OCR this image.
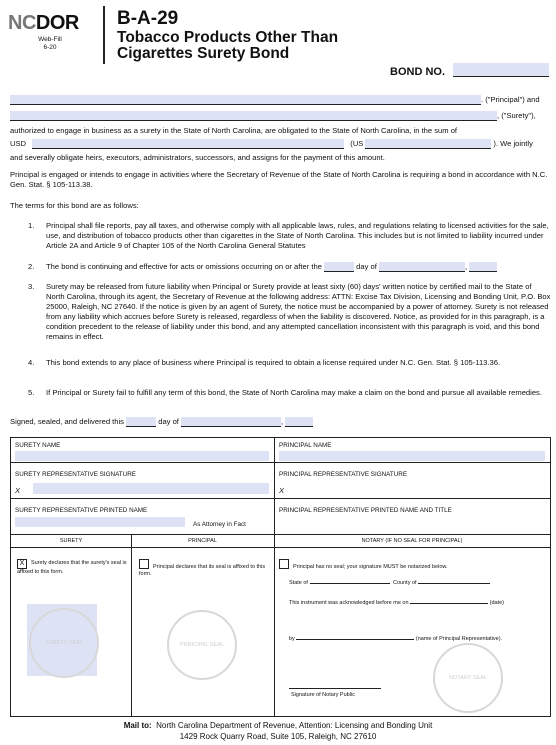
NCDOR
Web-Fill
6-20
B-A-29
Tobacco Products Other Than
Cigarettes Surety Bond
BOND NO.
. ("Principal") and
, ("Surety"),
authorized to engage in business as a surety in the State of North Carolina, are obligated to the State of North Carolina, in the sum of
USD	(US	). We jointly
and severally obligate heirs, executors, administrators, successors, and assigns for the payment of this amount.
Principal is engaged or intends to engage in activities where the Secretary of Revenue of the State of North Carolina is requiring a bond in accordance with N.C. Gen. Stat. § 105-113.38.
The terms for this bond are as follows:
1.	Principal shall file reports, pay all taxes, and otherwise comply with all applicable laws, rules, and regulations relating to licensed activities for the sale, use, and distribution of tobacco products other than cigarettes in the State of North Carolina. This includes but is not limited to liability incurred under Article 2A and Article 9 of Chapter 105 of the North Carolina General Statutes
2.	The bond is continuing and effective for acts or omissions occurring on or after the	day of	,
3.	Surety may be released from future liability when Principal or Surety provide at least sixty (60) days' written notice by certified mail to the State of North Carolina, through its agent, the Secretary of Revenue at the following address: ATTN: Excise Tax Division, Licensing and Bonding Unit, P.O. Box 25000, Raleigh, NC 27640. If the notice is given by an agent of Surety, the notice must be accompanied by a power of attorney. Surety is not released from any liability which accrues before Surety is released, regardless of when the liability is discovered. Notice, as provided for in this paragraph, is a condition precedent to the release of liability under this bond, and any attempted cancellation inconsistent with this paragraph is void, and this bond remains in effect.
4.	This bond extends to any place of business where Principal is required to obtain a license required under N.C. Gen. Stat. § 105-113.36.
5.	If Principal or Surety fail to fulfill any term of this bond, the State of North Carolina may make a claim on the bond and pursue all available remedies.
Signed, sealed, and delivered this	day of	,
SURETY NAME	PRINCIPAL NAME
SURETY REPRESENTATIVE SIGNATURE
X
PRINCIPAL REPRESENTATIVE SIGNATURE
X
SURETY REPRESENTATIVE PRINTED NAME
As Attorney in Fact
PRINCIPAL REPRESENTATIVE PRINTED NAME AND TITLE
SURETY	PRINCIPAL	NOTARY (IF NO SEAL FOR PRINCIPAL)
X Surety declares that the surety's seal is affixed to this form.
SURETY SEAL
Principal declares that its seal is affixed to this form.
PRINCIPAL SEAL
Principal has no seal; your signature MUST be notarized below.
State of	County of
This instrument was acknowledged before me on	(date)
by	(name of Principal Representative).
Signature of Notary Public
NOTARY SEAL
Mail to: North Carolina Department of Revenue, Attention: Licensing and Bonding Unit
1429 Rock Quarry Road, Suite 105, Raleigh, NC 27610
